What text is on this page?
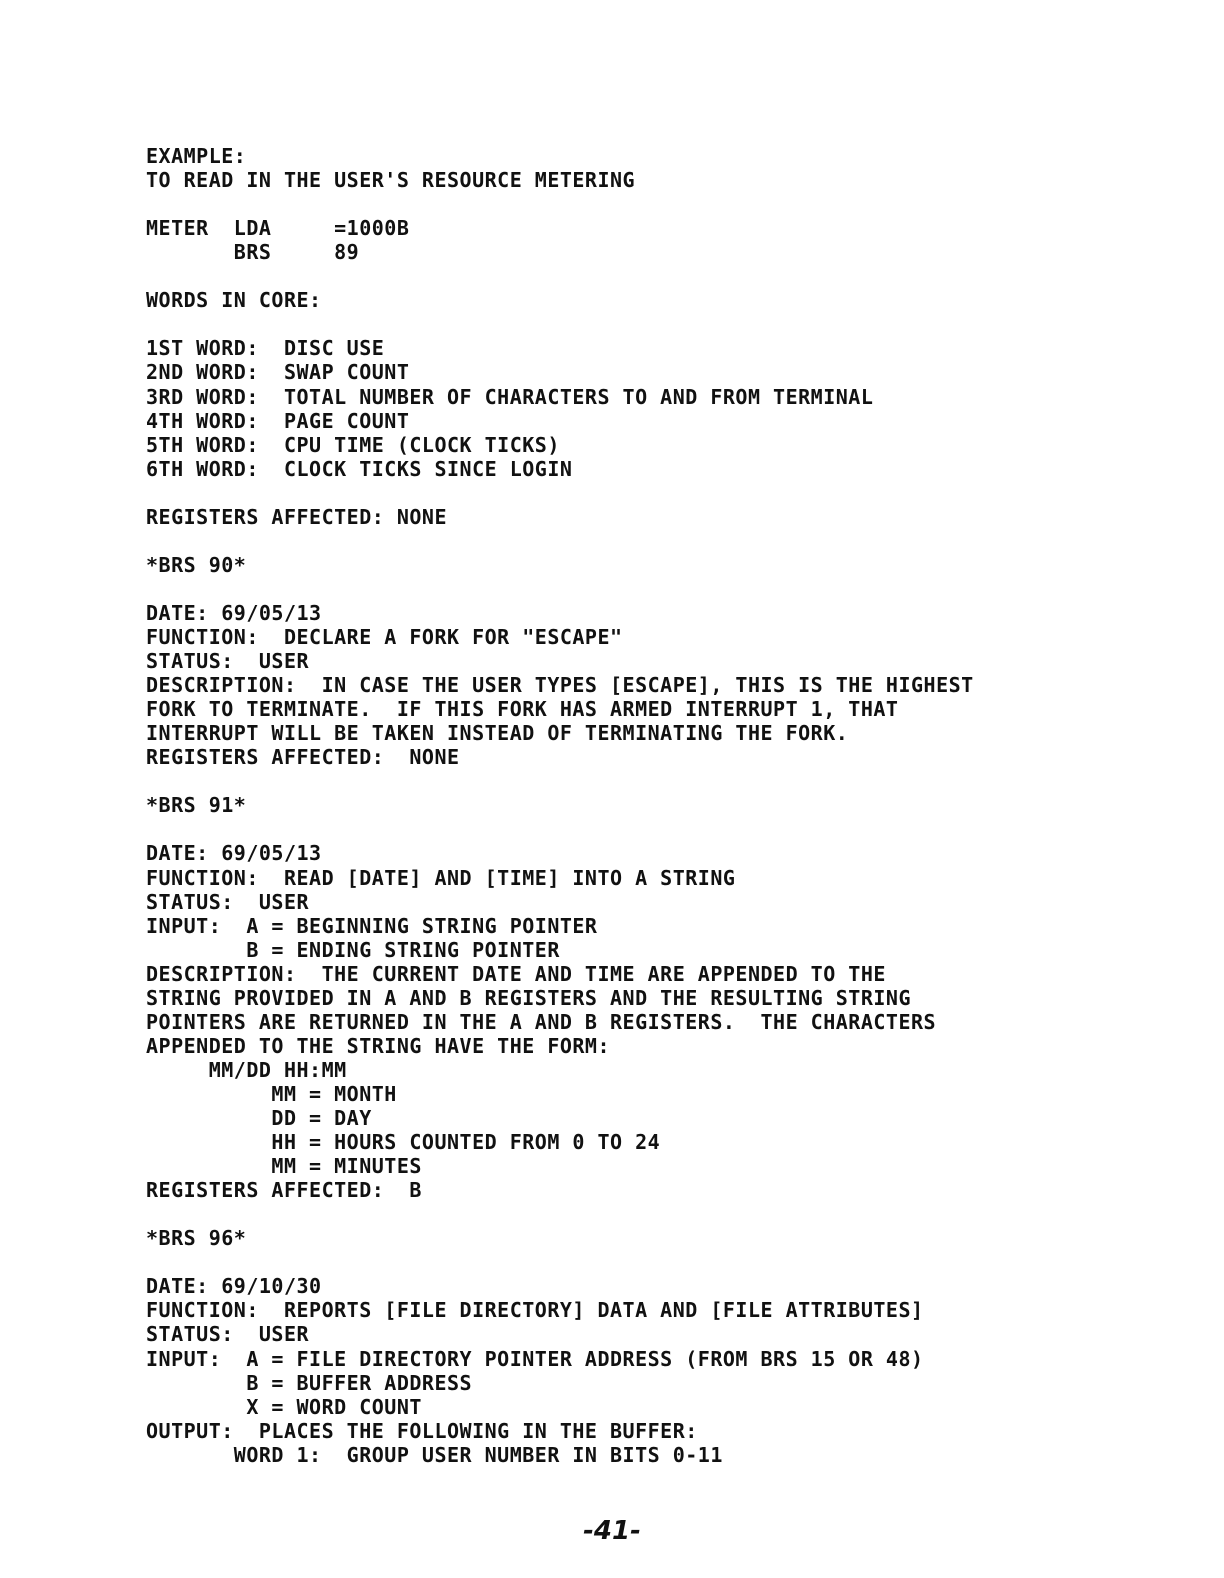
EXAMPLE:
TO READ IN THE USER'S RESOURCE METERING
METER  LDA     =1000B
BRS     89
WORDS IN CORE:
1ST WORD:  DISC USE
2ND WORD:  SWAP COUNT
3RD WORD:  TOTAL NUMBER OF CHARACTERS TO AND FROM TERMINAL
4TH WORD:  PAGE COUNT
5TH WORD:  CPU TIME (CLOCK TICKS)
6TH WORD:  CLOCK TICKS SINCE LOGIN
REGISTERS AFFECTED: NONE
*BRS 90*
DATE: 69/05/13
FUNCTION:  DECLARE A FORK FOR "ESCAPE"
STATUS:  USER
DESCRIPTION:  IN CASE THE USER TYPES [ESCAPE], THIS IS THE HIGHEST
FORK TO TERMINATE.  IF THIS FORK HAS ARMED INTERRUPT 1, THAT
INTERRUPT WILL BE TAKEN INSTEAD OF TERMINATING THE FORK.
REGISTERS AFFECTED:  NONE
*BRS 91*
DATE: 69/05/13
FUNCTION:  READ [DATE] AND [TIME] INTO A STRING
STATUS:  USER
INPUT:  A = BEGINNING STRING POINTER
B = ENDING STRING POINTER
DESCRIPTION:  THE CURRENT DATE AND TIME ARE APPENDED TO THE
STRING PROVIDED IN A AND B REGISTERS AND THE RESULTING STRING
POINTERS ARE RETURNED IN THE A AND B REGISTERS.  THE CHARACTERS
APPENDED TO THE STRING HAVE THE FORM:
MM/DD HH:MM
MM = MONTH
DD = DAY
HH = HOURS COUNTED FROM 0 TO 24
MM = MINUTES
REGISTERS AFFECTED:  B
*BRS 96*
DATE: 69/10/30
FUNCTION:  REPORTS [FILE DIRECTORY] DATA AND [FILE ATTRIBUTES]
STATUS:  USER
INPUT:  A = FILE DIRECTORY POINTER ADDRESS (FROM BRS 15 OR 48)
B = BUFFER ADDRESS
X = WORD COUNT
OUTPUT:  PLACES THE FOLLOWING IN THE BUFFER:
WORD 1:  GROUP USER NUMBER IN BITS 0-11
-41-
